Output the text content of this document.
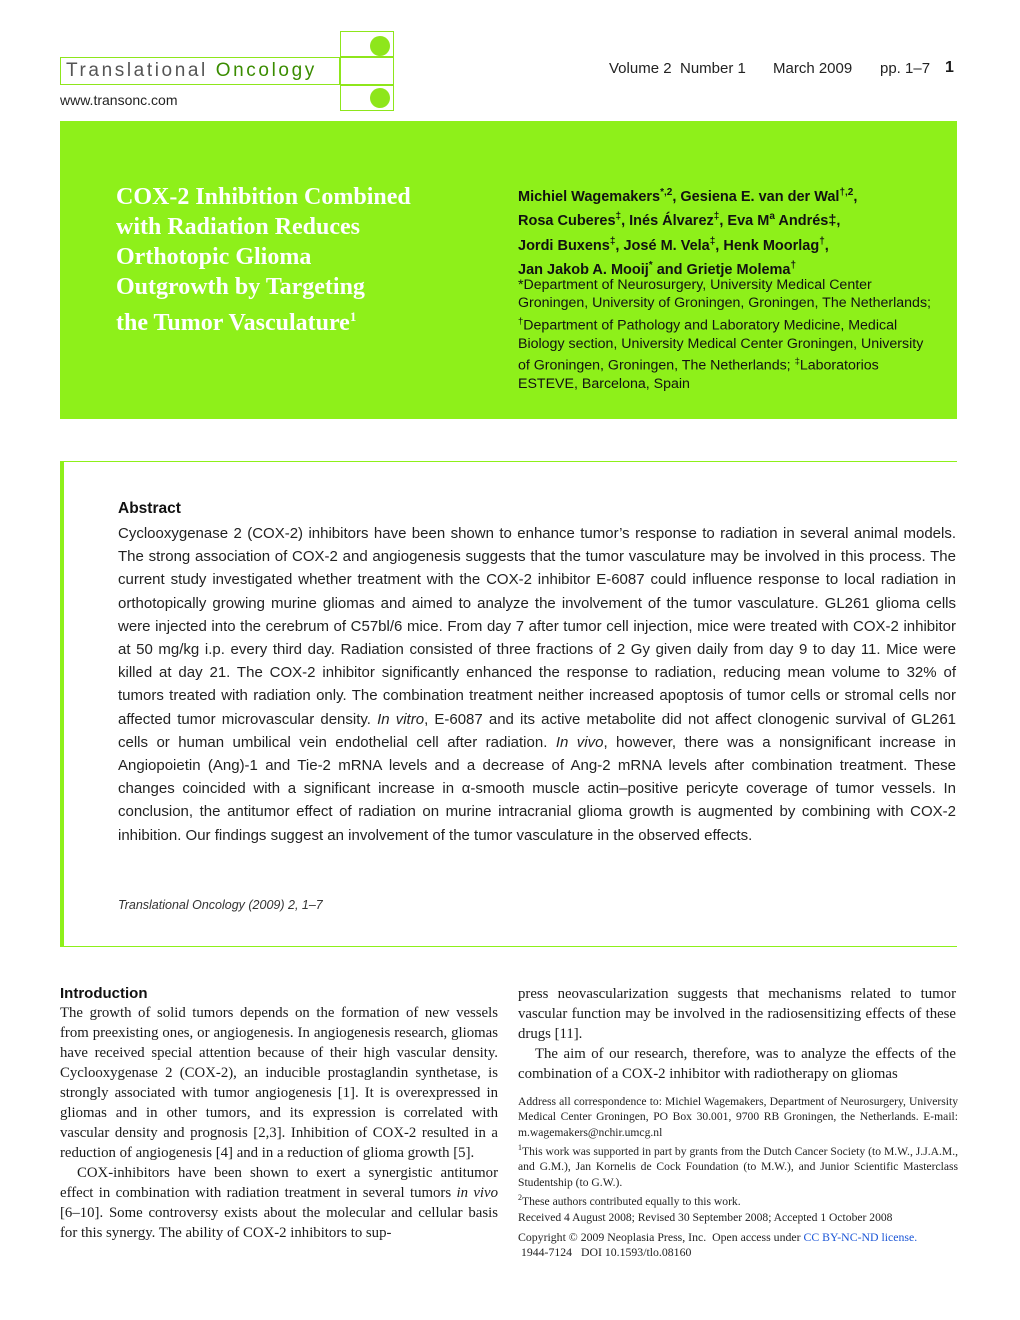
Translational Oncology
www.transonc.com
Volume 2 Number 1 March 2009 pp. 1–7 1
COX-2 Inhibition Combined
with Radiation Reduces
Orthotopic Glioma
Outgrowth by Targeting
the Tumor Vasculature$^1$
Michiel Wagemakers$^{*,2}$, Gesiena E. van der Wal$^{\dagger,2}$,
Rosa Cuberes‡, Inés Álvarez‡, Eva $M^a$ Andrés‡,
Jordi Buxens‡, José M. Vela‡, Henk Moorlag†,
Jan Jakob A. Mooij* and Grietje Molema†
*Department of Neurosurgery, University Medical Center Groningen, University of Groningen, Groningen, The Netherlands; †Department of Pathology and Laboratory Medicine, Medical Biology section, University Medical Center Groningen, University of Groningen, Groningen, The Netherlands; ‡Laboratorios ESTEVE, Barcelona, Spain
Abstract

Cyclooxygenase 2 (COX-2) inhibitors have been shown to enhance tumor’s response to radiation in several animal models. The strong association of COX-2 and angiogenesis suggests that the tumor vasculature may be involved in this process. The current study investigated whether treatment with the COX-2 inhibitor E-6087 could influence response to local radiation in orthotopically growing murine gliomas and aimed to analyze the involvement of the tumor vasculature. GL261 glioma cells were injected into the cerebrum of C57bl/6 mice. From day 7 after tumor cell injection, mice were treated with COX-2 inhibitor at 50 mg/kg i.p. every third day. Radiation consisted of three fractions of 2 Gy given daily from day 9 to day 11. Mice were killed at day 21. The COX-2 inhibitor significantly enhanced the response to radiation, reducing mean volume to 32% of tumors treated with radiation only. The combination treatment neither increased apoptosis of tumor cells or stromal cells nor affected tumor microvascular density. In vitro, E-6087 and its active metabolite did not affect clonogenic survival of GL261 cells or human umbilical vein endothelial cell after radiation. In vivo, however, there was a nonsignificant increase in Angiopoietin (Ang)-1 and Tie-2 mRNA levels and a decrease of Ang-2 mRNA levels after combination treatment. These changes coincided with a significant increase in α-smooth muscle actin–positive pericyte coverage of tumor vessels. In conclusion, the antitumor effect of radiation on murine intracranial glioma growth is augmented by combining with COX-2 inhibition. Our findings suggest an involvement of the tumor vasculature in the observed effects.

Translational Oncology (2009) 2, 1–7
Introduction

The growth of solid tumors depends on the formation of new vessels from preexisting ones, or angiogenesis. In angiogenesis research, gliomas have received special attention because of their high vascular density. Cyclooxygenase 2 (COX-2), an inducible prostaglandin synthetase, is strongly associated with tumor angiogenesis [1]. It is overexpressed in gliomas and in other tumors, and its expression is correlated with vascular density and prognosis [2,3]. Inhibition of COX-2 resulted in a reduction of angiogenesis [4] and in a reduction of glioma growth [5].

COX-inhibitors have been shown to exert a synergistic antitumor effect in combination with radiation treatment in several tumors in vivo [6–10]. Some controversy exists about the molecular and cellular basis for this synergy. The ability of COX-2 inhibitors to sup-

press neovascularization suggests that mechanisms related to tumor vascular function may be involved in the radiosensitizing effects of these drugs [11].

The aim of our research, therefore, was to analyze the effects of the combination of a COX-2 inhibitor with radiotherapy on gliomas

Address all correspondence to: Michiel Wagemakers, Department of Neurosurgery, University Medical Center Groningen, PO Box 30.001, 9700 RB Groningen, the Netherlands. E-mail: m.wagemakers@nchir.umcg.nl
$^1$This work was supported in part by grants from the Dutch Cancer Society (to M.W., J.J.A.M., and G.M.), Jan Kornelis de Cock Foundation (to M.W.), and Junior Scientific Masterclass Studentship (to G.W.).
$^2$These authors contributed equally to this work.
Received 4 August 2008; Revised 30 September 2008; Accepted 1 October 2008
Copyright © 2009 Neoplasia Press, Inc. Open access under CC BY-NC-ND license.
1944-7124 DOI 10.1593/tlo.08160
